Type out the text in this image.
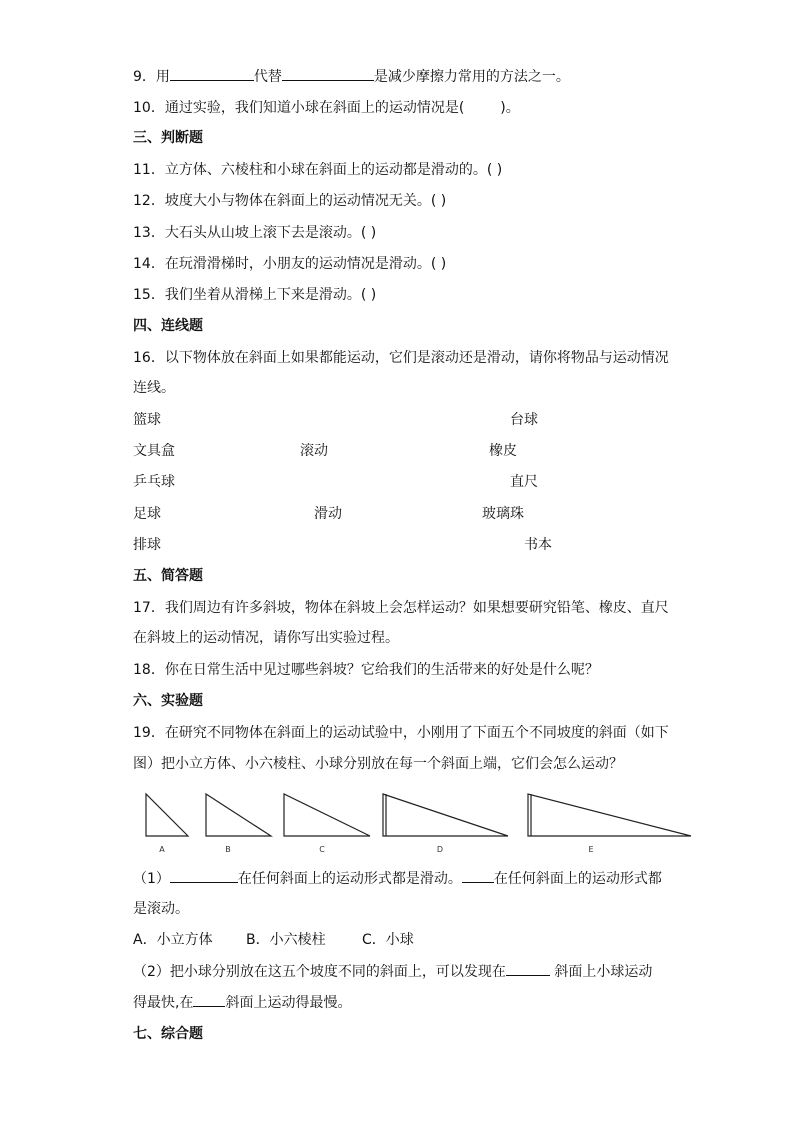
9．用	代替	是减少摩擦力常用的方法之一。
10．通过实验，我们知道小球在斜面上的运动情况是(	)。
三、判断题
11．立方体、六棱柱和小球在斜面上的运动都是滑动的。( )
12．坡度大小与物体在斜面上的运动情况无关。( )
13．大石头从山坡上滚下去是滚动。( )
14．在玩滑滑梯时，小朋友的运动情况是滑动。( )
15．我们坐着从滑梯上下来是滑动。( )
四、连线题
16．以下物体放在斜面上如果都能运动，它们是滚动还是滑动，请你将物品与运动情况
连线。
篮球
文具盒
乒乓球
足球
排球
滚动
滑动
台球
橡皮
直尺
玻璃珠
书本
五、简答题
17．我们周边有许多斜坡，物体在斜坡上会怎样运动？如果想要研究铅笔、橡皮、直尺
在斜坡上的运动情况，请你写出实验过程。
18．你在日常生活中见过哪些斜坡？它给我们的生活带来的好处是什么呢？
六、实验题
19．在研究不同物体在斜面上的运动试验中，小刚用了下面五个不同坡度的斜面（如下
图）把小立方体、小六棱柱、小球分别放在每一个斜面上端，它们会怎么运动？
A	B	C	D	E
（1）	在任何斜面上的运动形式都是滑动。 在任何斜面上的运动形式都
是滚动。
A．小立方体 B．小六棱柱	C．小球
（2）把小球分别放在这五个坡度不同的斜面上，可以发现在	斜面上小球运动
得最快,在 斜面上运动得最慢。
七、综合题
